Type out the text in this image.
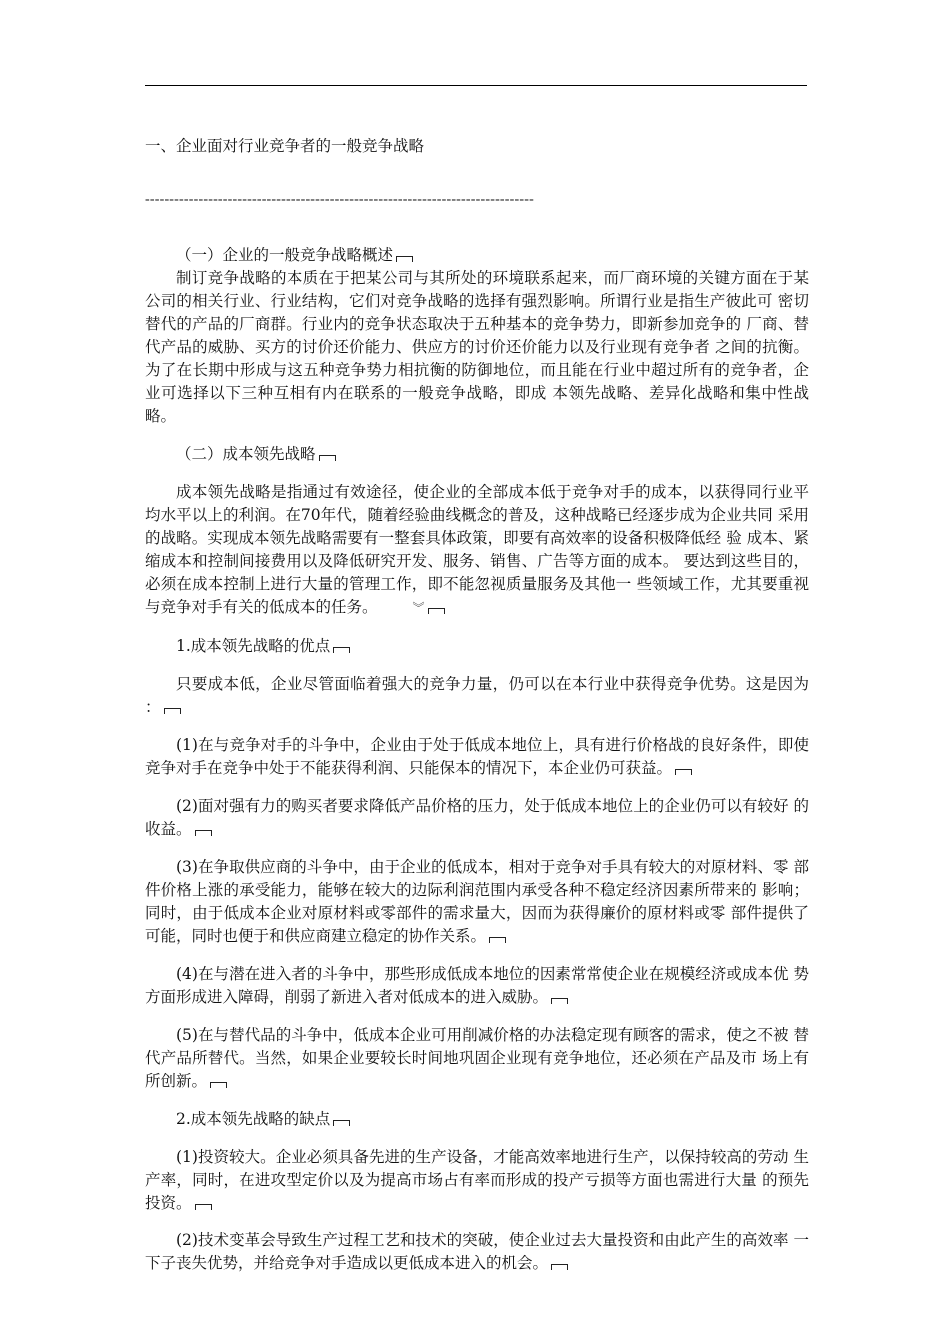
一、企业面对行业竞争者的一般竞争战略
--------------------------------------------------------------------------------

（一）企业的一般竞争战略概述

制订竞争战略的本质在于把某公司与其所处的环境联系起来，而厂商环境的关键方面在于某 公司的相关行业、行业结构，它们对竞争战略的选择有强烈影响。所谓行业是指生产彼此可 密切替代的产品的厂商群。行业内的竞争状态取决于五种基本的竞争势力，即新参加竞争的 厂商、替代产品的威胁、买方的讨价还价能力、供应方的讨价还价能力以及行业现有竞争者 之间的抗衡。为了在长期中形成与这五种竞争势力相抗衡的防御地位，而且能在行业中超过所有的竞争者，企业可选择以下三种互相有内在联系的一般竞争战略，即成 本领先战略、差异化战略和集中性战略。

（二）成本领先战略

成本领先战略是指通过有效途径，使企业的全部成本低于竞争对手的成本，以获得同行业平 均水平以上的利润。在70年代，随着经验曲线概念的普及，这种战略已经逐步成为企业共同 采用的战略。实现成本领先战略需要有一整套具体政策，即要有高效率的设备积极降低经 验 成本、紧缩成本和控制间接费用以及降低研究开发、服务、销售、广告等方面的成本。 要达到这些目的，必须在成本控制上进行大量的管理工作，即不能忽视质量服务及其他一 些领域工作，尤其要重视与竞争对手有关的低成本的任务。	︾

1.成本领先战略的优点

只要成本低，企业尽管面临着强大的竞争力量，仍可以在本行业中获得竞争优势。这是因为 ：

(1)在与竞争对手的斗争中，企业由于处于低成本地位上，具有进行价格战的良好条件，即使竞争对手在竞争中处于不能获得利润、只能保本的情况下，本企业仍可获益。

(2)面对强有力的购买者要求降低产品价格的压力，处于低成本地位上的企业仍可以有较好 的收益。

(3)在争取供应商的斗争中，由于企业的低成本，相对于竞争对手具有较大的对原材料、零 部件价格上涨的承受能力，能够在较大的边际利润范围内承受各种不稳定经济因素所带来的 影响；同时，由于低成本企业对原材料或零部件的需求量大，因而为获得廉价的原材料或零 部件提供了可能，同时也便于和供应商建立稳定的协作关系。

(4)在与潜在进入者的斗争中，那些形成低成本地位的因素常常使企业在规模经济或成本优 势方面形成进入障碍，削弱了新进入者对低成本的进入威胁。

(5)在与替代品的斗争中，低成本企业可用削减价格的办法稳定现有顾客的需求，使之不被 替代产品所替代。当然，如果企业要较长时间地巩固企业现有竞争地位，还必须在产品及市 场上有所创新。

2.成本领先战略的缺点

(1)投资较大。企业必须具备先进的生产设备，才能高效率地进行生产，以保持较高的劳动 生产率，同时，在进攻型定价以及为提高市场占有率而形成的投产亏损等方面也需进行大量 的预先投资。

(2)技术变革会导致生产过程工艺和技术的突破，使企业过去大量投资和由此产生的高效率 一下子丧失优势，并给竞争对手造成以更低成本进入的机会。
